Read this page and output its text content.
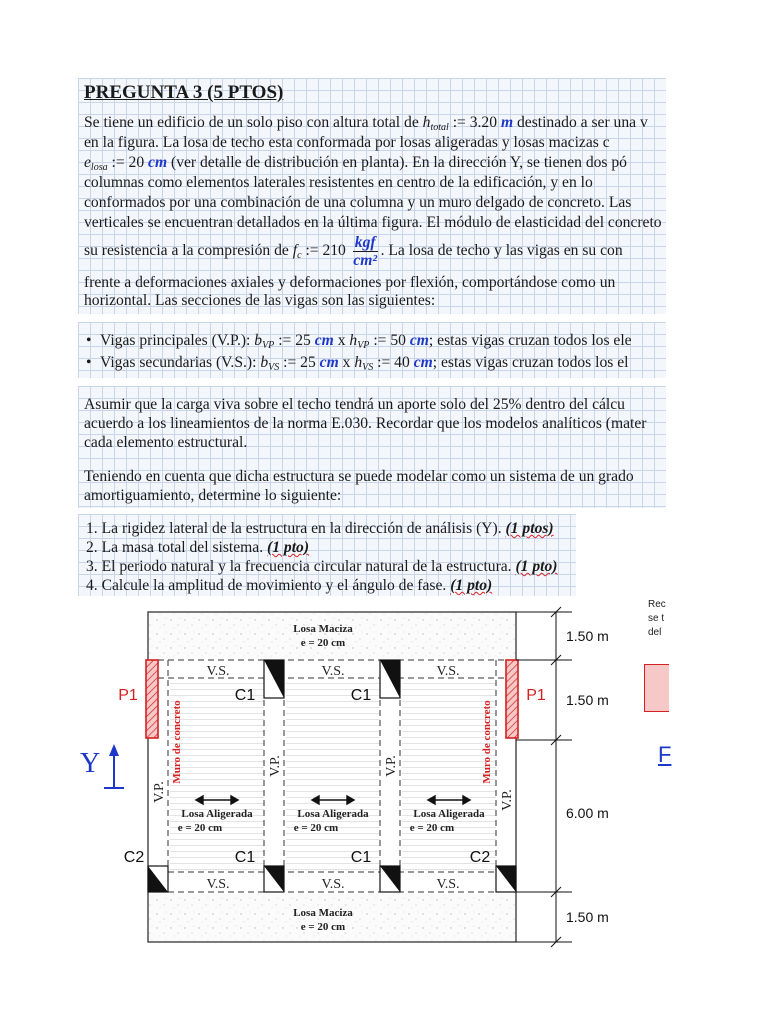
PREGUNTA 3 (5 PTOS)
Se tiene un edificio de un solo piso con altura total de $h_{total}$ := 3.20 m destinado a ser una v
en la figura. La losa de techo esta conformada por losas aligeradas y losas macizas c
$e_{losa}$ := 20 cm (ver detalle de distribución en planta). En la dirección Y, se tienen dos pó
columnas como elementos laterales resistentes en centro de la edificación, y en lo
conformados por una combinación de una columna y un muro delgado de concreto. Las
verticales se encuentran detallados en la última figura. El módulo de elasticidad del concreto
su resistencia a la compresión de $f_c$ := $210 \frac{\text{kgf}}{\text{cm²}}$ . La losa de techo y las vigas en su con
frente a deformaciones axiales y deformaciones por flexión, comportándose como un
horizontal. Las secciones de las vigas son las siguientes:
• Vigas principales (V.P.): $b_{VP}$ := 25 cm x $h_{VP}$ := 50 cm; estas vigas cruzan todos los ele
• Vigas secundarias (V.S.): $b_{VS}$ := 25 cm x $h_{VS}$ := 40 cm; estas vigas cruzan todos los el
Asumir que la carga viva sobre el techo tendrá un aporte solo del 25% dentro del cálcu
acuerdo a los lineamientos de la norma E.030. Recordar que los modelos analíticos (mater
cada elemento estructural.
Teniendo en cuenta que dicha estructura se puede modelar como un sistema de un grado
amortiguamiento, determine lo siguiente:
1. La rigidez lateral de la estructura en la dirección de análisis (Y). (1 ptos)
2. La masa total del sistema. (1 pto)
3. El periodo natural y la frecuencia circular natural de la estructura. (1 pto)
4. Calcule la amplitud de movimiento y el ángulo de fase. (1 pto)
Losa Maciza
e = 20 cm
Losa Maciza
e = 20 cm
Losa Aligerada
e = 20 cm
Losa Aligerada
e = 20 cm
Losa Aligerada
e = 20 cm
V.S.	V.S.	V.S.
V.S.	V.S.	V.S.
V.P.
V.P.	V.P.
V.P.
Muro de concreto	Muro de concreto
P1	P1
C1	C1
C2	C1	C1	C2
Y
1.50 m
1.50 m
6.00 m
1.50 m
Rec
se t
del
F
